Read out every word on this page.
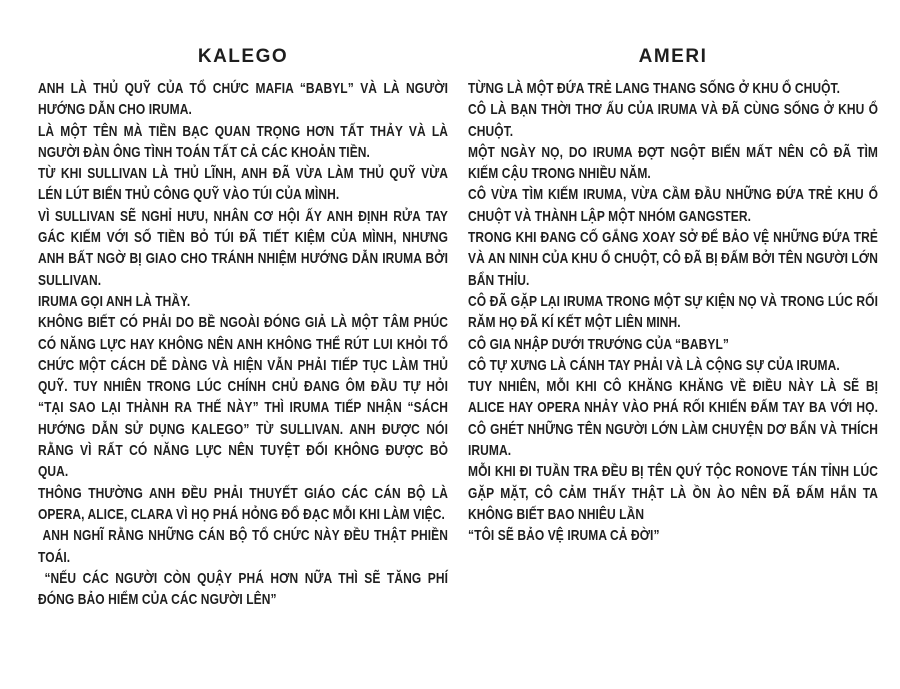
KALEGO

ANH LÀ THỦ QUỸ CỦA TỔ CHỨC MAFIA “BABYL” VÀ LÀ NGƯỜI HƯỚNG DẪN CHO IRUMA.

LÀ MỘT TÊN MÀ TIỀN BẠC QUAN TRỌNG HƠN TẤT THẢY VÀ LÀ NGƯỜI ĐÀN ÔNG TÌNH TOÁN TẤT CẢ CÁC KHOẢN TIỀN.

TỪ KHI SULLIVAN LÀ THỦ LĨNH, ANH ĐÃ VỪA LÀM THỦ QUỸ VỪA LÉN LÚT BIỂN THỦ CÔNG QUỸ VÀO TÚI CỦA MÌNH.

VÌ SULLIVAN SẼ NGHỈ HƯU, NHÂN CƠ HỘI ẤY ANH ĐỊNH RỬA TAY GÁC KIẾM VỚI SỐ TIỀN BỎ TÚI ĐÃ TIẾT KIỆM CỦA MÌNH, NHƯNG ANH BẤT NGỜ BỊ GIAO CHO TRÁNH NHIỆM HƯỚNG DẪN IRUMA BỞI SULLIVAN.

IRUMA GỌI ANH LÀ THẦY.

KHÔNG BIẾT CÓ PHẢI DO BỀ NGOÀI ĐÓNG GIẢ LÀ MỘT TÂM PHÚC CÓ NĂNG LỰC HAY KHÔNG NÊN ANH KHÔNG THỂ RÚT LUI KHỎI TỔ CHỨC MỘT CÁCH DỄ DÀNG VÀ HIỆN VẪN PHẢI TIẾP TỤC LÀM THỦ QUỸ. TUY NHIÊN TRONG LÚC CHÍNH CHỦ ĐANG ÔM ĐẦU TỰ HỎI “TẠI SAO LẠI THÀNH RA THẾ NÀY” THÌ IRUMA TIẾP NHẬN “SÁCH HƯỚNG DẪN SỬ DỤNG KALEGO” TỪ SULLIVAN. ANH ĐƯỢC NÓI RẰNG VÌ RẤT CÓ NĂNG LỰC NÊN TUYỆT ĐỐI KHÔNG ĐƯỢC BỎ QUA.

THÔNG THƯỜNG ANH ĐỀU PHẢI THUYẾT GIÁO CÁC CÁN BỘ LÀ OPERA, ALICE, CLARA VÌ HỌ PHÁ HỎNG ĐỔ ĐẠC MỖI KHI LÀM VIỆC.

ANH NGHĨ RẰNG NHỮNG CÁN BỘ TỔ CHỨC NÀY ĐỀU THẬT PHIỀN TOÁI.

“NẾU CÁC NGƯỜI CÒN QUẬY PHÁ HƠN NỮA THÌ SẼ TĂNG PHÍ ĐÓNG BẢO HIỂM CỦA CÁC NGƯỜI LÊN”

AMERI

TỪNG LÀ MỘT ĐỨA TRẺ LANG THANG SỐNG Ở KHU Ổ CHUỘT.

CÔ LÀ BẠN THỜI THƠ ẤU CỦA IRUMA VÀ ĐÃ CÙNG SỐNG Ở KHU Ổ CHUỘT.

MỘT NGÀY NỌ, DO IRUMA ĐỢT NGỘT BIẾN MẤT NÊN CÔ ĐÃ TÌM KIẾM CẬU TRONG NHIỀU NĂM.

CÔ VỪA TÌM KIẾM IRUMA, VỪA CẦM ĐẦU NHỮNG ĐỨA TRẺ KHU Ổ CHUỘT VÀ THÀNH LẬP MỘT NHÓM GANGSTER.

TRONG KHI ĐANG CỐ GẮNG XOAY SỞ ĐỂ BẢO VỆ NHỮNG ĐỨA TRẺ VÀ AN NINH CỦA KHU Ổ CHUỘT, CÔ ĐÃ BỊ ĐẤM BỞI TÊN NGƯỜI LỚN BẨN THỈU.

CÔ ĐÃ GẶP LẠI IRUMA TRONG MỘT SỰ KIỆN NỌ VÀ TRONG LÚC RỐI RĂM HỌ ĐÃ KÍ KẾT MỘT LIÊN MINH.

CÔ GIA NHẬP DƯỚI TRƯỚNG CỦA “BABYL”

CÔ TỰ XƯNG LÀ CÁNH TAY PHẢI VÀ LÀ CỘNG SỰ CỦA IRUMA.

TUY NHIÊN, MỖI KHI CÔ KHĂNG KHĂNG VỀ ĐIỀU NÀY LÀ SẼ BỊ ALICE HAY OPERA NHẢY VÀO PHÁ RỐI KHIẾN ĐẤM TAY BA VỚI HỌ. CÔ GHÉT NHỮNG TÊN NGƯỜI LỚN LÀM CHUYỆN DƠ BẨN VÀ THÍCH IRUMA.

MỖI KHI ĐI TUẦN TRA ĐỀU BỊ TÊN QUÝ TỘC RONOVE TÁN TỈNH LÚC GẶP MẶT, CÔ CẢM THẤY THẬT LÀ ỒN ÀO NÊN ĐÃ ĐẤM HẮN TA KHÔNG BIẾT BAO NHIÊU LẦN

“TÔI SẼ BẢO VỆ IRUMA CẢ ĐỜI”
